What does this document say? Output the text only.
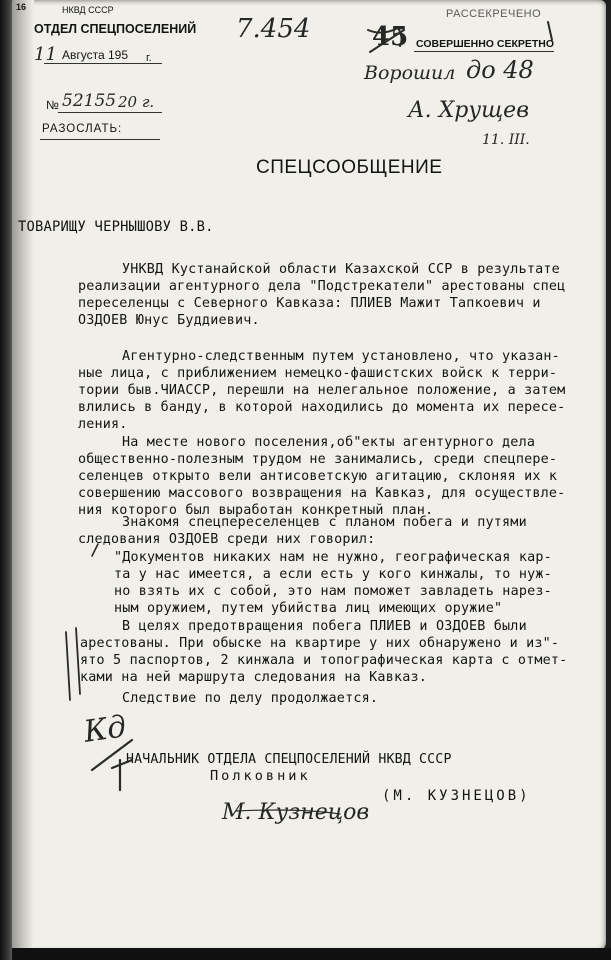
16	НКВД СССР
ОТДЕЛ СПЕЦПОСЕЛЕНИЙ
11 Августа 195 г.
№ 52155 20 г.
РАЗОСЛАТЬ:
7.454 45
РАССЕКРЕЧЕНО
СОВЕРШЕННО СЕКРЕТНО
Ворошил до 48
А. Хрущев
11. III.
СПЕЦСООБЩЕНИЕ
ТОВАРИЩУ ЧЕРНЫШОВУ В.В.
УНКВД Кустанайской области Казахской ССР в результате
реализации агентурного дела "Подстрекатели" арестованы спец
переселенцы с Северного Кавказа: ПЛИЕВ Мажит Тапкоевич и
ОЗДОЕВ Юнус Буддиевич.
Агентурно-следственным путем установлено, что указан-
ные лица, с приближением немецко-фашистских войск к терри-
тории быв.ЧИАССР, перешли на нелегальное положение, а затем
влились в банду, в которой находились до момента их пересе-
ления.
На месте нового поселения,об"екты агентурного дела
общественно-полезным трудом не занимались, среди спецпере-
селенцев открыто вели антисоветскую агитацию, склоняя их к
совершению массового возвращения на Кавказ, для осуществле-
ния которого был выработан конкретный план.
Знакомя спецпереселенцев с планом побега и путями
следования ОЗДОЕВ среди них говорил:
"Документов никаких нам не нужно, географическая кар-
та у нас имеется, а если есть у кого кинжалы, то нуж-
но взять их с собой, это нам поможет завладеть нарез-
ным оружием, путем убийства лиц имеющих оружие"
В целях предотвращения побега ПЛИЕВ и ОЗДОЕВ были
арестованы. При обыске на квартире у них обнаружено и из"-
ято 5 паспортов, 2 кинжала и топографическая карта с отмет-
ками на ней маршрута следования на Кавказ.
Следствие по делу продолжается.
НАЧАЛЬНИК ОТДЕЛА СПЕЦПОСЕЛЕНИЙ НКВД СССР
Полковник
(М. КУЗНЕЦОВ)
М. Кузнецов
Кд
